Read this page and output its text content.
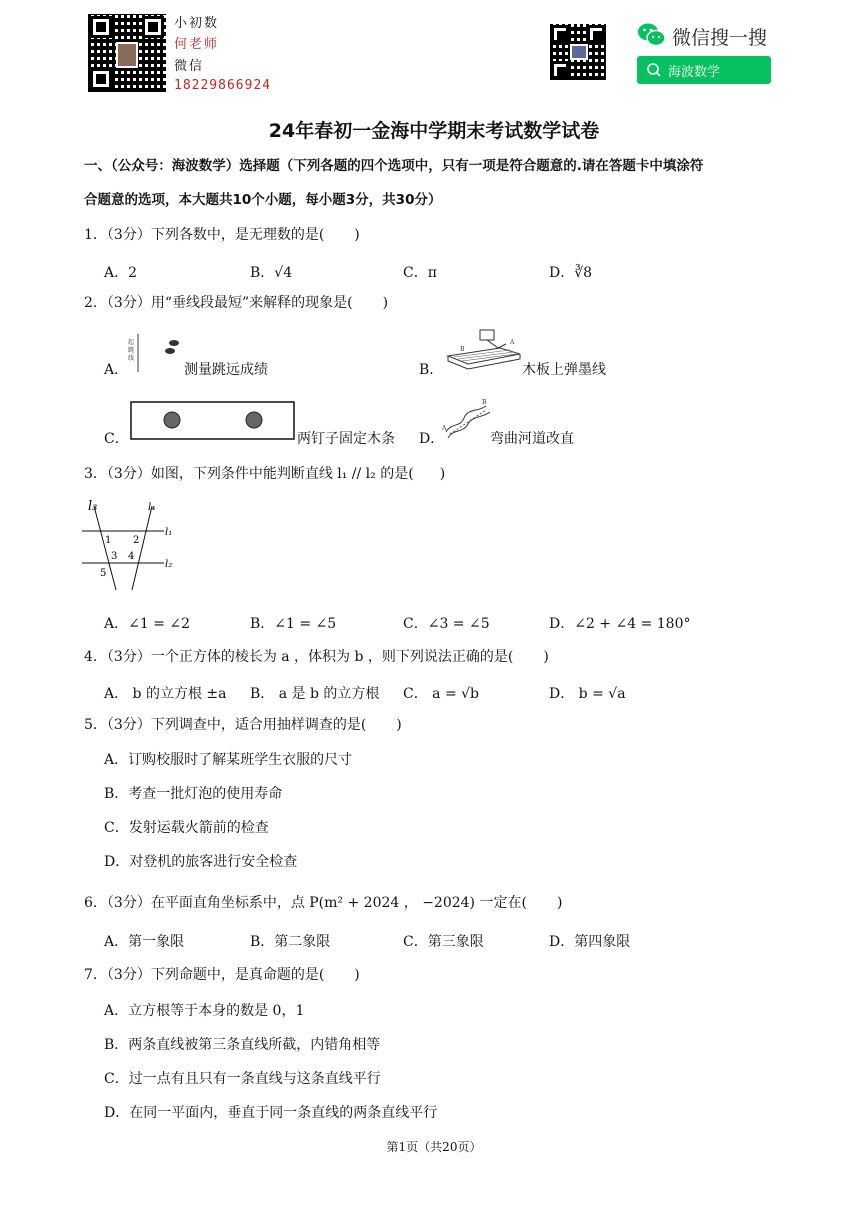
小初数
何老师
微信
18229866924
微信搜一搜
海波数学
24年春初一金海中学期末考试数学试卷
一、（公众号：海波数学）选择题（下列各题的四个选项中，只有一项是符合题意的.请在答题卡中填涂符
合题意的选项，本大题共10个小题，每小题3分，共30分）
1．（3分）下列各数中，是无理数的是( )
A．2	B．√4	C．π	D．∛8
2．（3分）用“垂线段最短”来解释的现象是( )
A．
起
跳
线
测量跳远成绩	B．
B
A
木板上弹墨线
C．	两钉子固定木条 D．
B
A
弯曲河道改直
3．（3分）如图，下列条件中能判断直线 l₁ // l₂ 的是( )
l₃	l₄
l₁
l₂
1 2
3 4
5
A．∠1 = ∠2	B．∠1 = ∠5	C．∠3 = ∠5	D．∠2 + ∠4 = 180°
4．（3分）一个正方体的棱长为 a ，体积为 b ，则下列说法正确的是( )
A． b 的立方根 ±a B． a 是 b 的立方根 C． a = √b	D． b = √a
5．（3分）下列调查中，适合用抽样调查的是( )
A．订购校服时了解某班学生衣服的尺寸
B．考查一批灯泡的使用寿命
C．发射运载火箭前的检查
D．对登机的旅客进行安全检查
6．（3分）在平面直角坐标系中，点 P(m² + 2024 ， −2024) 一定在( )
A．第一象限	B．第二象限	C．第三象限	D．第四象限
7．（3分）下列命题中，是真命题的是( )
A．立方根等于本身的数是 0，1
B．两条直线被第三条直线所截，内错角相等
C．过一点有且只有一条直线与这条直线平行
D．在同一平面内，垂直于同一条直线的两条直线平行
第1页（共20页）
